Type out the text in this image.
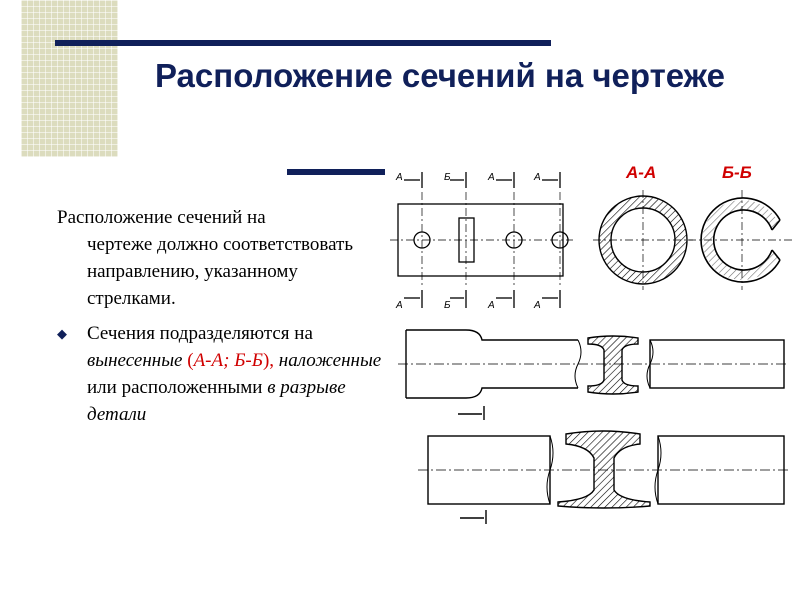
Расположение сечений на чертеже

Расположение сечений на
чертеже должно соответствовать направлению, указанному стрелками.

◆ Сечения подразделяются на вынесенные (А-А; Б-Б), наложенные или расположенными в разрыве детали
А	Б	А	А
А	Б	А	А
А-А	Б-Б
